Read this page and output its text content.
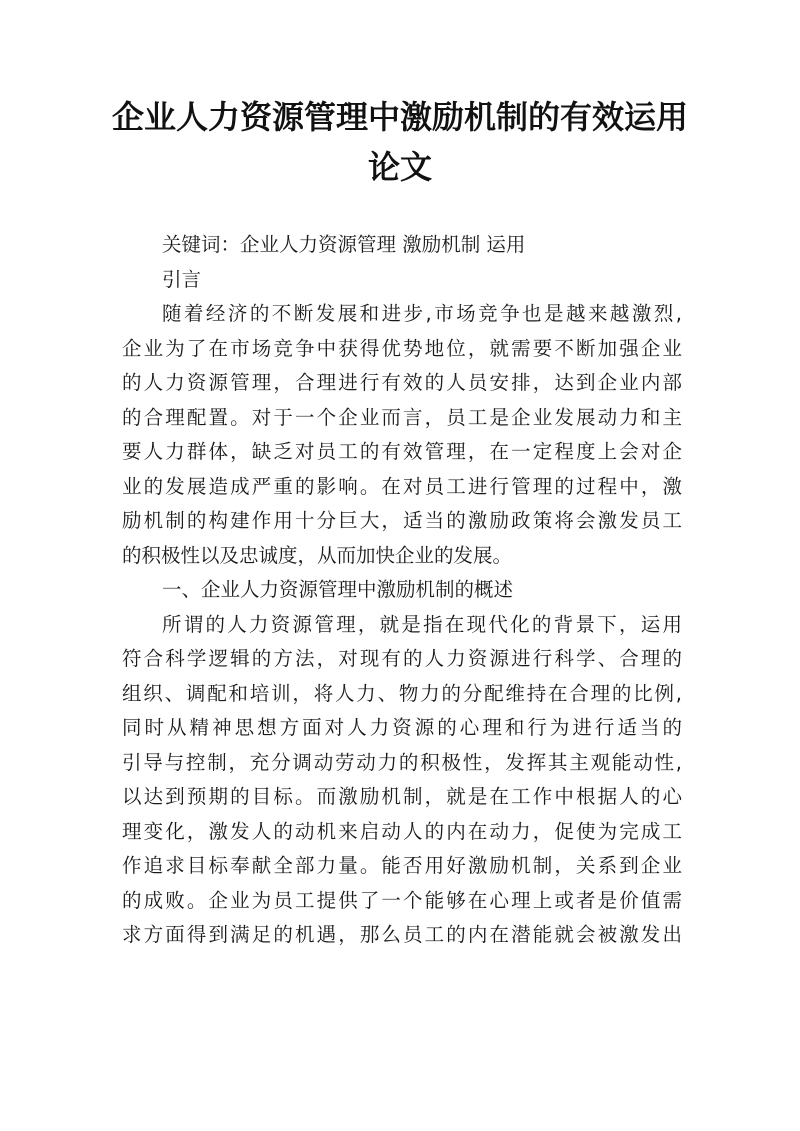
企业人力资源管理中激励机制的有效运用
论文
关键词：企业人力资源管理 激励机制 运用
引言
随着经济的不断发展和进步,市场竞争也是越来越激烈,
企业为了在市场竞争中获得优势地位，就需要不断加强企业
的人力资源管理，合理进行有效的人员安排，达到企业内部
的合理配置。对于一个企业而言，员工是企业发展动力和主
要人力群体，缺乏对员工的有效管理，在一定程度上会对企
业的发展造成严重的影响。在对员工进行管理的过程中，激
励机制的构建作用十分巨大，适当的激励政策将会激发员工
的积极性以及忠诚度，从而加快企业的发展。
一、企业人力资源管理中激励机制的概述
所谓的人力资源管理，就是指在现代化的背景下，运用
符合科学逻辑的方法，对现有的人力资源进行科学、合理的
组织、调配和培训，将人力、物力的分配维持在合理的比例,
同时从精神思想方面对人力资源的心理和行为进行适当的
引导与控制，充分调动劳动力的积极性，发挥其主观能动性,
以达到预期的目标。而激励机制，就是在工作中根据人的心
理变化，激发人的动机来启动人的内在动力，促使为完成工
作追求目标奉献全部力量。能否用好激励机制，关系到企业
的成败。企业为员工提供了一个能够在心理上或者是价值需
求方面得到满足的机遇，那么员工的内在潜能就会被激发出
